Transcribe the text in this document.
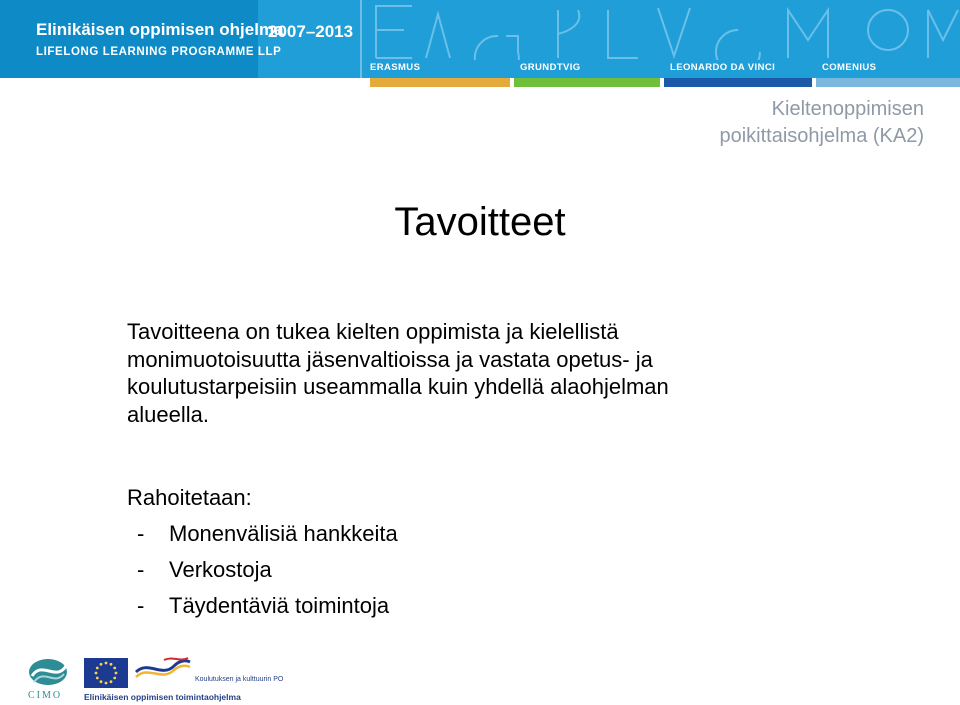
Elinikäisen oppimisen ohjelma
LIFELONG LEARNING PROGRAMME LLP
2007–2013
ERASMUS	GRUNDTVIG	LEONARDO DA VINCI	COMENIUS
Kieltenoppimisen
poikittaisohjelma (KA2)
Tavoitteet
Tavoitteena on tukea kielten oppimista ja kielellistä
monimuotoisuutta jäsenvaltioissa ja vastata opetus- ja
koulutustarpeisiin useammalla kuin yhdellä alaohjelman
alueella.
Rahoitetaan:
- Monenvälisiä hankkeita
- Verkostoja
- Täydentäviä toimintoja
CIMO
Koulutuksen ja kulttuurin PO
Elinikäisen oppimisen toimintaohjelma
